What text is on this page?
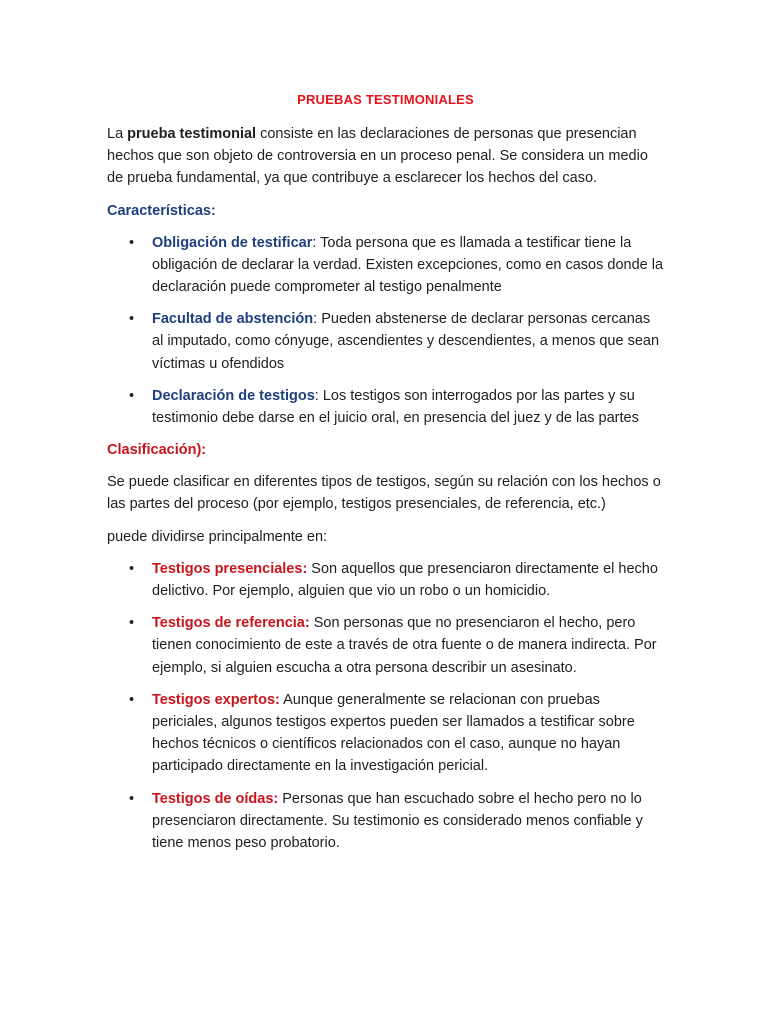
PRUEBAS TESTIMONIALES

La prueba testimonial consiste en las declaraciones de personas que presencian hechos que son objeto de controversia en un proceso penal. Se considera un medio de prueba fundamental, ya que contribuye a esclarecer los hechos del caso.

Características:
• Obligación de testificar: Toda persona que es llamada a testificar tiene la obligación de declarar la verdad. Existen excepciones, como en casos donde la declaración puede comprometer al testigo penalmente
• Facultad de abstención: Pueden abstenerse de declarar personas cercanas al imputado, como cónyuge, ascendientes y descendientes, a menos que sean víctimas u ofendidos
• Declaración de testigos: Los testigos son interrogados por las partes y su testimonio debe darse en el juicio oral, en presencia del juez y de las partes
Clasificación):

Se puede clasificar en diferentes tipos de testigos, según su relación con los hechos o las partes del proceso (por ejemplo, testigos presenciales, de referencia, etc.)

puede dividirse principalmente en:

• Testigos presenciales: Son aquellos que presenciaron directamente el hecho delictivo. Por ejemplo, alguien que vio un robo o un homicidio.
• Testigos de referencia: Son personas que no presenciaron el hecho, pero tienen conocimiento de este a través de otra fuente o de manera indirecta. Por ejemplo, si alguien escucha a otra persona describir un asesinato.
• Testigos expertos: Aunque generalmente se relacionan con pruebas periciales, algunos testigos expertos pueden ser llamados a testificar sobre hechos técnicos o científicos relacionados con el caso, aunque no hayan participado directamente en la investigación pericial.
• Testigos de oídas: Personas que han escuchado sobre el hecho pero no lo presenciaron directamente. Su testimonio es considerado menos confiable y tiene menos peso probatorio.
